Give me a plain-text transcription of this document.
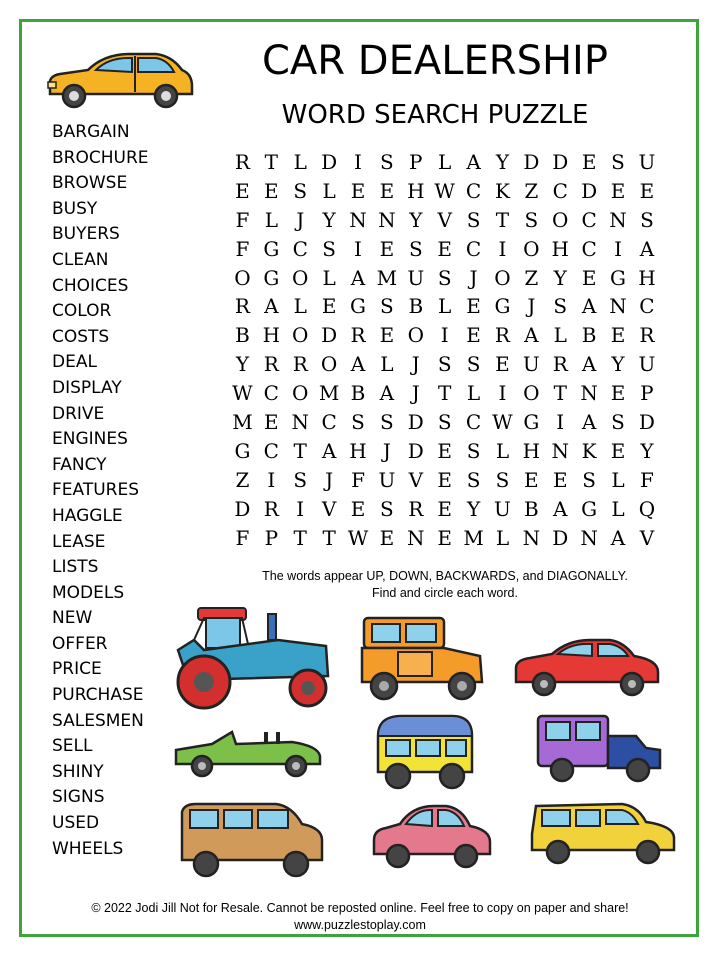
CAR DEALERSHIP
WORD SEARCH PUZZLE
BARGAIN
BROCHURE
BROWSE
BUSY
BUYERS
CLEAN
CHOICES
COLOR
COSTS
DEAL
DISPLAY
DRIVE
ENGINES
FANCY
FEATURES
HAGGLE
LEASE
LISTS
MODELS
NEW
OFFER
PRICE
PURCHASE
SALESMEN
SELL
SHINY
SIGNS
USED
WHEELS
R T L D I S P L A Y D D E S U
E E S L E E H W C K Z C D E E
F L J Y N N Y V S T S O C N S
F G C S I E S E C I O H C I A
O G O L A M U S J O Z Y E G H
R A L E G S B L E G J S A N C
B H O D R E O I E R A L B E R
Y R R O A L J S S E U R A Y U
W C O M B A J T L I O T N E P
M E N C S S D S C W G I A S D
G C T A H J D E S L H N K E Y
Z I S J F U V E S S E E S L F
D R I V E S R E Y U B A G L Q
F P T T W E N E M L N D N A V
The words appear UP, DOWN, BACKWARDS, and DIAGONALLY.
Find and circle each word.
© 2022 Jodi Jill Not for Resale. Cannot be reposted online. Feel free to copy on paper and share!
www.puzzlestoplay.com
